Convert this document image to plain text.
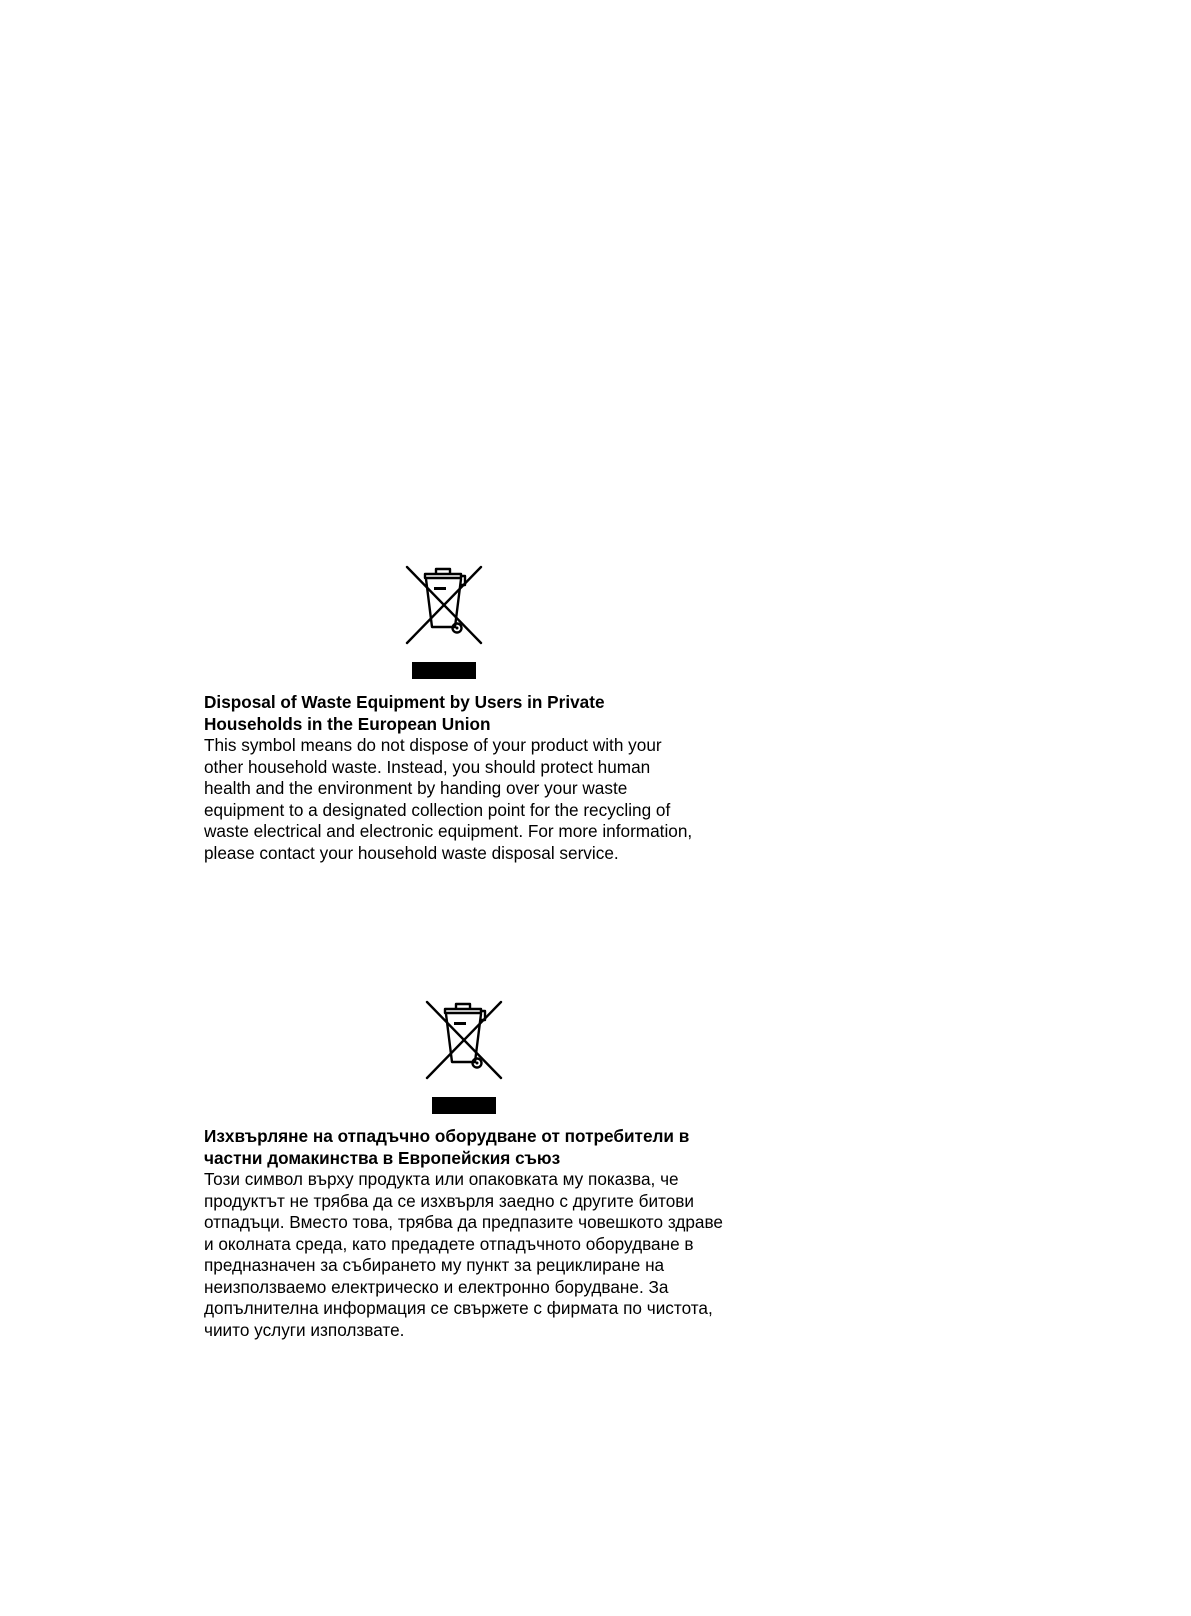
Disposal of Waste Equipment by Users in Private
Households in the European Union
This symbol means do not dispose of your product with your
other household waste. Instead, you should protect human
health and the environment by handing over your waste
equipment to a designated collection point for the recycling of
waste electrical and electronic equipment. For more information,
please contact your household waste disposal service.
Изхвърляне на отпадъчно оборудване от потребители в
частни домакинства в Европейския съюз
Този символ върху продукта или опаковката му показва, че
продуктът не трябва да се изхвърля заедно с другите битови
отпадъци. Вместо това, трябва да предпазите човешкото здраве
и околната среда, като предадете отпадъчното оборудване в
предназначен за събирането му пункт за рециклиране на
неизползваемо електрическо и електронно борудване. За
допълнителна информация се свържете с фирмата по чистота,
чиито услуги използвате.
